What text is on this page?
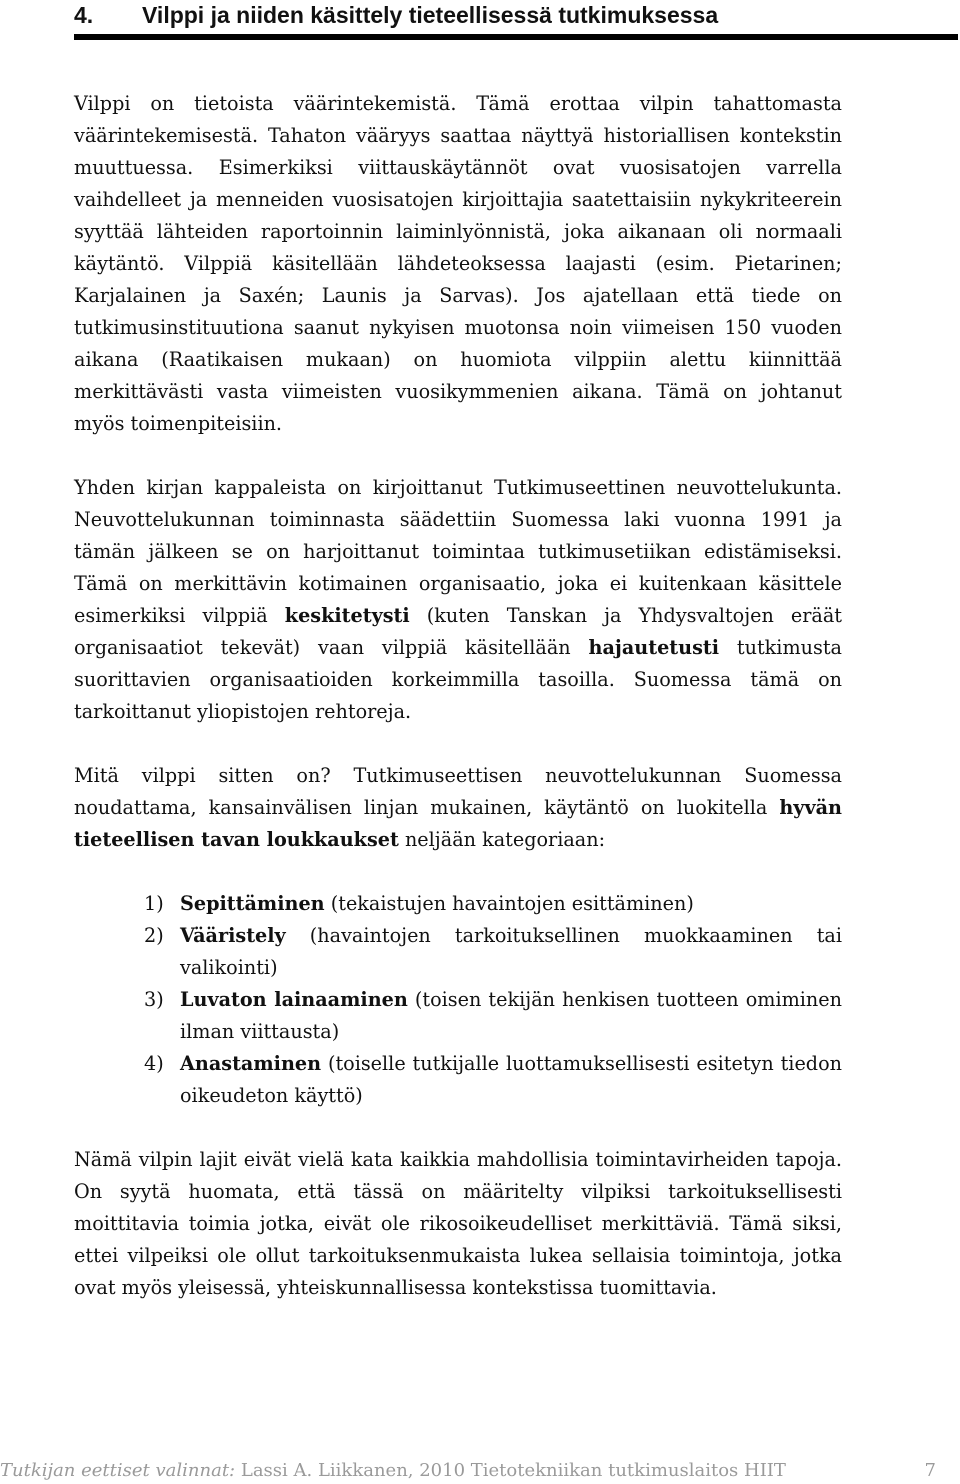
4. Vilppi ja niiden käsittely tieteellisessä tutkimuksessa

Vilppi on tietoista väärintekemistä. Tämä erottaa vilpin tahattomasta väärintekemisestä. Tahaton vääryys saattaa näyttyä historiallisen kontekstin muuttuessa. Esimerkiksi viittauskäytännöt ovat vuosisatojen varrella vaihdelleet ja menneiden vuosisatojen kirjoittajia saatettaisiin nykykriteerein syyttää lähteiden raportoinnin laiminlyönnistä, joka aikanaan oli normaali käytäntö. Vilppiä käsitellään lähdeteoksessa laajasti (esim. Pietarinen; Karjalainen ja Saxén; Launis ja Sarvas). Jos ajatellaan että tiede on tutkimusinstituutiona saanut nykyisen muotonsa noin viimeisen 150 vuoden aikana (Raatikaisen mukaan) on huomiota vilppiin alettu kiinnittää merkittävästi vasta viimeisten vuosikymmenien aikana. Tämä on johtanut myös toimenpiteisiin.

Yhden kirjan kappaleista on kirjoittanut Tutkimuseettinen neuvottelukunta. Neuvottelukunnan toiminnasta säädettiin Suomessa laki vuonna 1991 ja tämän jälkeen se on harjoittanut toimintaa tutkimusetiikan edistämiseksi. Tämä on merkittävin kotimainen organisaatio, joka ei kuitenkaan käsittele esimerkiksi vilppiä keskitetysti (kuten Tanskan ja Yhdysvaltojen eräät organisaatiot tekevät) vaan vilppiä käsitellään hajautetusti tutkimusta suorittavien organisaatioiden korkeimmilla tasoilla. Suomessa tämä on tarkoittanut yliopistojen rehtoreja.

Mitä vilppi sitten on? Tutkimuseettisen neuvottelukunnan Suomessa noudattama, kansainvälisen linjan mukainen, käytäntö on luokitella hyvän tieteellisen tavan loukkaukset neljään kategoriaan:

1) Sepittäminen (tekaistujen havaintojen esittäminen)
2) Vääristely (havaintojen tarkoituksellinen muokkaaminen tai valikointi)
3) Luvaton lainaaminen (toisen tekijän henkisen tuotteen omiminen ilman viittausta)
4) Anastaminen (toiselle tutkijalle luottamuksellisesti esitetyn tiedon oikeudeton käyttö)

Nämä vilpin lajit eivät vielä kata kaikkia mahdollisia toimintavirheiden tapoja. On syytä huomata, että tässä on määritelty vilpiksi tarkoituksellisesti moittitavia toimia jotka, eivät ole rikosoikeudelliset merkittäviä. Tämä siksi, ettei vilpeiksi ole ollut tarkoituksenmukaista lukea sellaisia toimintoja, jotka ovat myös yleisessä, yhteiskunnallisessa kontekstissa tuomittavia.

Tutkijan eettiset valinnat: Lassi A. Liikkanen, 2010 Tietotekniikan tutkimuslaitos HIIT	7
